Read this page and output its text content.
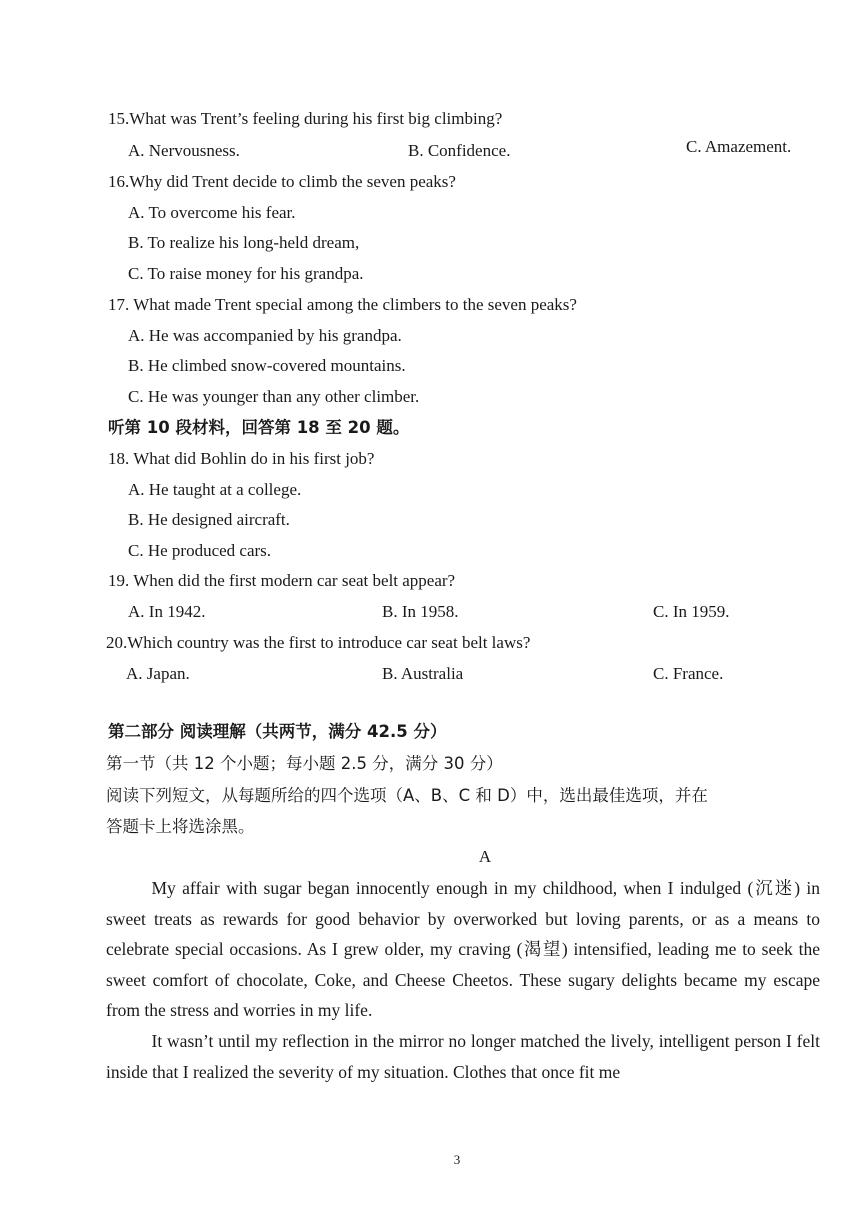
15.What was Trent’s feeling during his first big climbing?
A. Nervousness.	B. Confidence.	C. Amazement.
16.Why did Trent decide to climb the seven peaks?
A. To overcome his fear.
B. To realize his long-held dream,
C. To raise money for his grandpa.
17. What made Trent special among the climbers to the seven peaks?
A. He was accompanied by his grandpa.
B. He climbed snow-covered mountains.
C. He was younger than any other climber.
听第 10 段材料，回答第 18 至 20 题。
18. What did Bohlin do in his first job?
A. He taught at a college.
B. He designed aircraft.
C. He produced cars.
19. When did the first modern car seat belt appear?
A. In 1942.	B. In 1958.	C. In 1959.
20.Which country was the first to introduce car seat belt laws?
A. Japan.	B. Australia	C. France.
第二部分 阅读理解（共两节，满分 42.5 分）
第一节（共 12 个小题；每小题 2.5 分，满分 30 分）
阅读下列短文，从每题所给的四个选项（A、B、C 和 D）中，选出最佳选项，并在
答题卡上将选涂黑。
A
My affair with sugar began innocently enough in my childhood, when I indulged (沉迷) in sweet treats as rewards for good behavior by overworked but loving parents, or as a means to celebrate special occasions. As I grew older, my craving (渴望) intensified, leading me to seek the sweet comfort of chocolate, Coke, and Cheese Cheetos. These sugary delights became my escape from the stress and worries in my life.
It wasn’t until my reflection in the mirror no longer matched the lively, intelligent person I felt inside that I realized the severity of my situation. Clothes that once fit me
3
